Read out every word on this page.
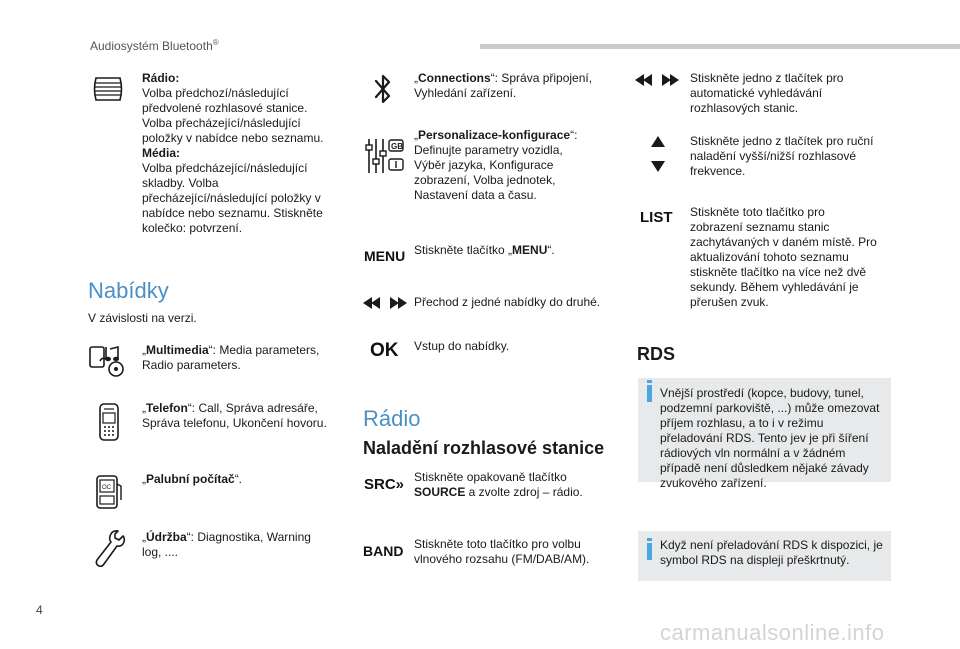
Audiosystém Bluetooth®
Rádio:
Volba předchozí/následující předvolené rozhlasové stanice. Volba přecházející/následující položky v nabídce nebo seznamu.
Média:
Volba předcházející/následující skladby. Volba přecházející/následující položky v nabídce nebo seznamu. Stiskněte kolečko: potvrzení.
Nabídky
V závislosti na verzi.
„Multimedia“: Media parameters, Radio parameters.
„Telefon“: Call, Správa adresáře, Správa telefonu, Ukončení hovoru.
OC
„Palubní počítač“.
„Údržba“: Diagnostika, Warning log, ....
„Connections“: Správa připojení, Vyhledání zařízení.
GB
„Personalizace-konfigurace“: Definujte parametry vozidla, Výběr jazyka, Konfigurace zobrazení, Volba jednotek, Nastavení data a času.
MENU Stiskněte tlačítko „MENU“.
Přechod z jedné nabídky do druhé.
OK Vstup do nabídky.
Rádio
Naladění rozhlasové stanice
SRC» Stiskněte opakovaně tlačítko SOURCE a zvolte zdroj – rádio.
BAND Stiskněte toto tlačítko pro volbu vlnového rozsahu (FM/DAB/AM).
Stiskněte jedno z tlačítek pro automatické vyhledávání rozhlasových stanic.
Stiskněte jedno z tlačítek pro ruční naladění vyšší/nižší rozhlasové frekvence.
LIST Stiskněte toto tlačítko pro zobrazení seznamu stanic zachytávaných v daném místě. Pro aktualizování tohoto seznamu stiskněte tlačítko na více než dvě sekundy. Během vyhledávání je přerušen zvuk.
RDS
Vnější prostředí (kopce, budovy, tunel, podzemní parkoviště, ...) může omezovat příjem rozhlasu, a to i v režimu přeladování RDS. Tento jev je při šíření rádiových vln normální a v žádném případě není důsledkem nějaké závady zvukového zařízení.
Když není přeladování RDS k dispozici, je symbol RDS na displeji přeškrtnutý.
4
carmanualsonline.info
